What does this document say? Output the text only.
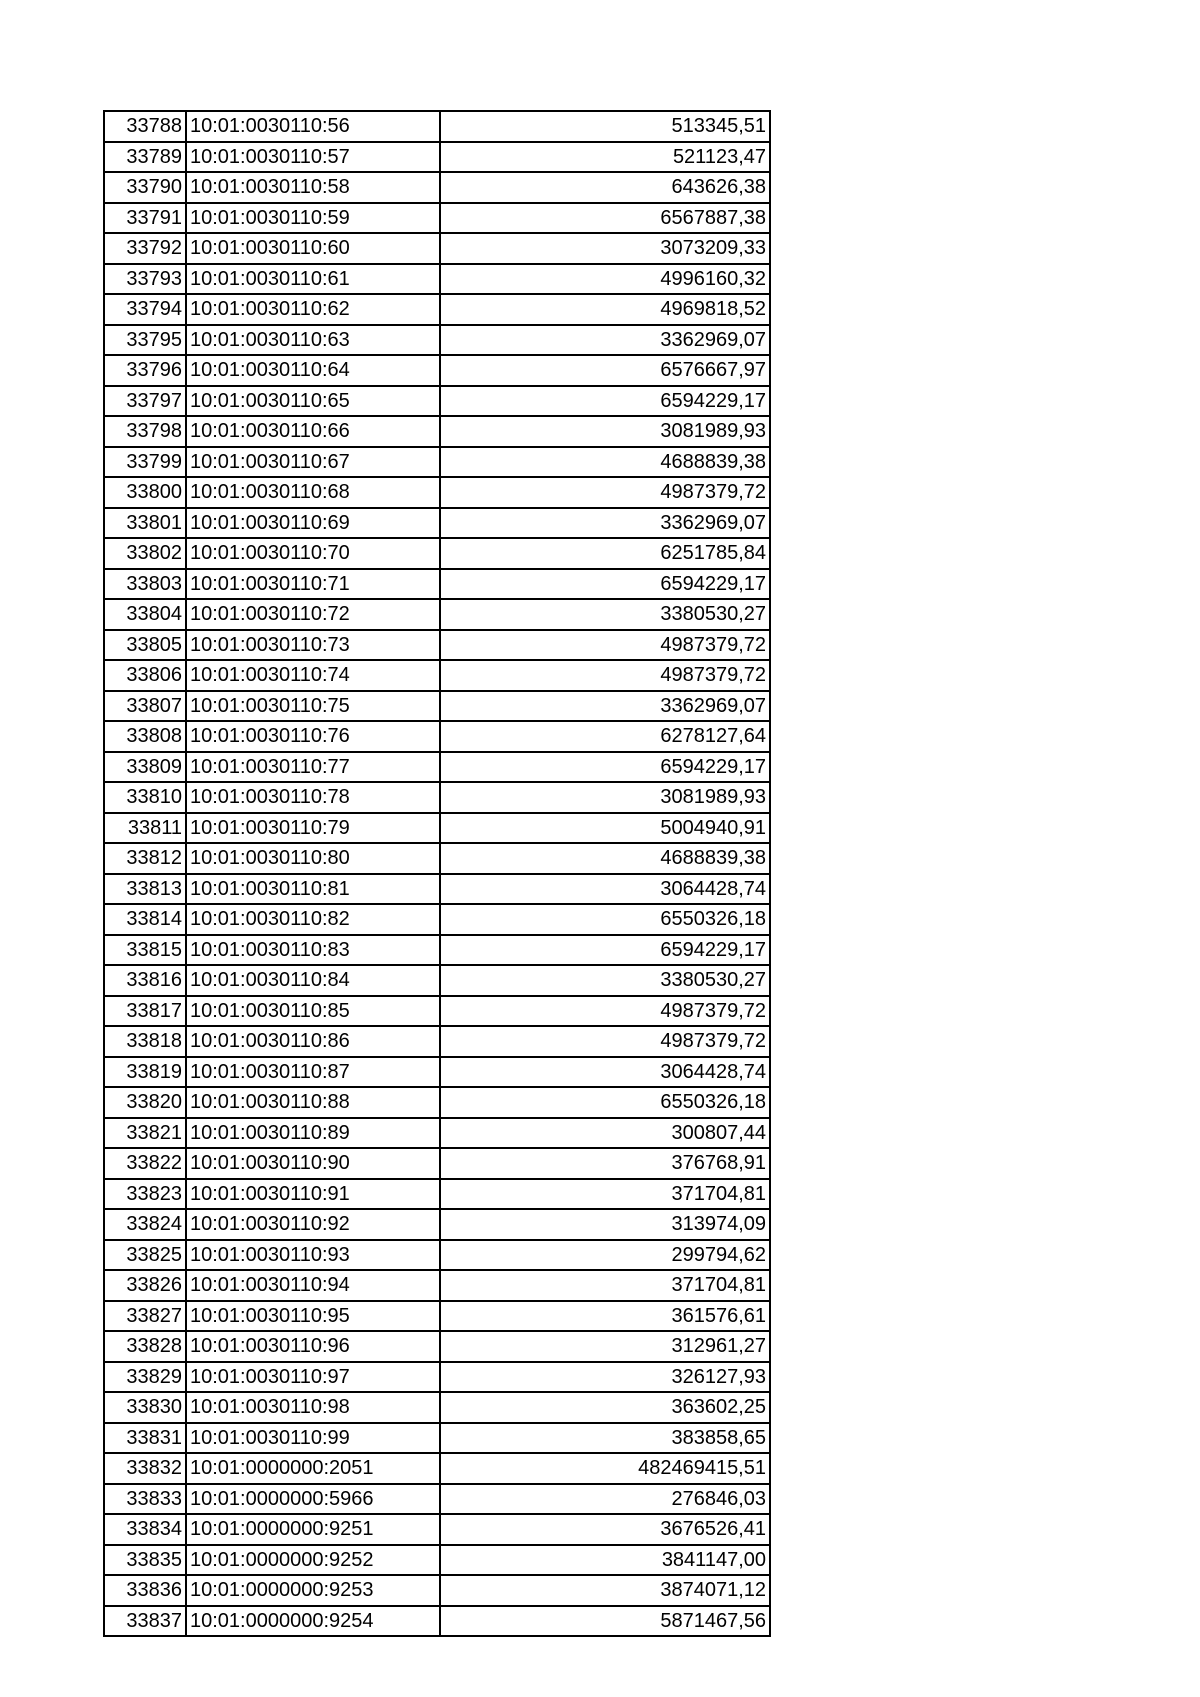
33788	10:01:0030110:56	513345,51
33789	10:01:0030110:57	521123,47
33790	10:01:0030110:58	643626,38
33791	10:01:0030110:59	6567887,38
33792	10:01:0030110:60	3073209,33
33793	10:01:0030110:61	4996160,32
33794	10:01:0030110:62	4969818,52
33795	10:01:0030110:63	3362969,07
33796	10:01:0030110:64	6576667,97
33797	10:01:0030110:65	6594229,17
33798	10:01:0030110:66	3081989,93
33799	10:01:0030110:67	4688839,38
33800	10:01:0030110:68	4987379,72
33801	10:01:0030110:69	3362969,07
33802	10:01:0030110:70	6251785,84
33803	10:01:0030110:71	6594229,17
33804	10:01:0030110:72	3380530,27
33805	10:01:0030110:73	4987379,72
33806	10:01:0030110:74	4987379,72
33807	10:01:0030110:75	3362969,07
33808	10:01:0030110:76	6278127,64
33809	10:01:0030110:77	6594229,17
33810	10:01:0030110:78	3081989,93
33811	10:01:0030110:79	5004940,91
33812	10:01:0030110:80	4688839,38
33813	10:01:0030110:81	3064428,74
33814	10:01:0030110:82	6550326,18
33815	10:01:0030110:83	6594229,17
33816	10:01:0030110:84	3380530,27
33817	10:01:0030110:85	4987379,72
33818	10:01:0030110:86	4987379,72
33819	10:01:0030110:87	3064428,74
33820	10:01:0030110:88	6550326,18
33821	10:01:0030110:89	300807,44
33822	10:01:0030110:90	376768,91
33823	10:01:0030110:91	371704,81
33824	10:01:0030110:92	313974,09
33825	10:01:0030110:93	299794,62
33826	10:01:0030110:94	371704,81
33827	10:01:0030110:95	361576,61
33828	10:01:0030110:96	312961,27
33829	10:01:0030110:97	326127,93
33830	10:01:0030110:98	363602,25
33831	10:01:0030110:99	383858,65
33832	10:01:0000000:2051	482469415,51
33833	10:01:0000000:5966	276846,03
33834	10:01:0000000:9251	3676526,41
33835	10:01:0000000:9252	3841147,00
33836	10:01:0000000:9253	3874071,12
33837	10:01:0000000:9254	5871467,56
